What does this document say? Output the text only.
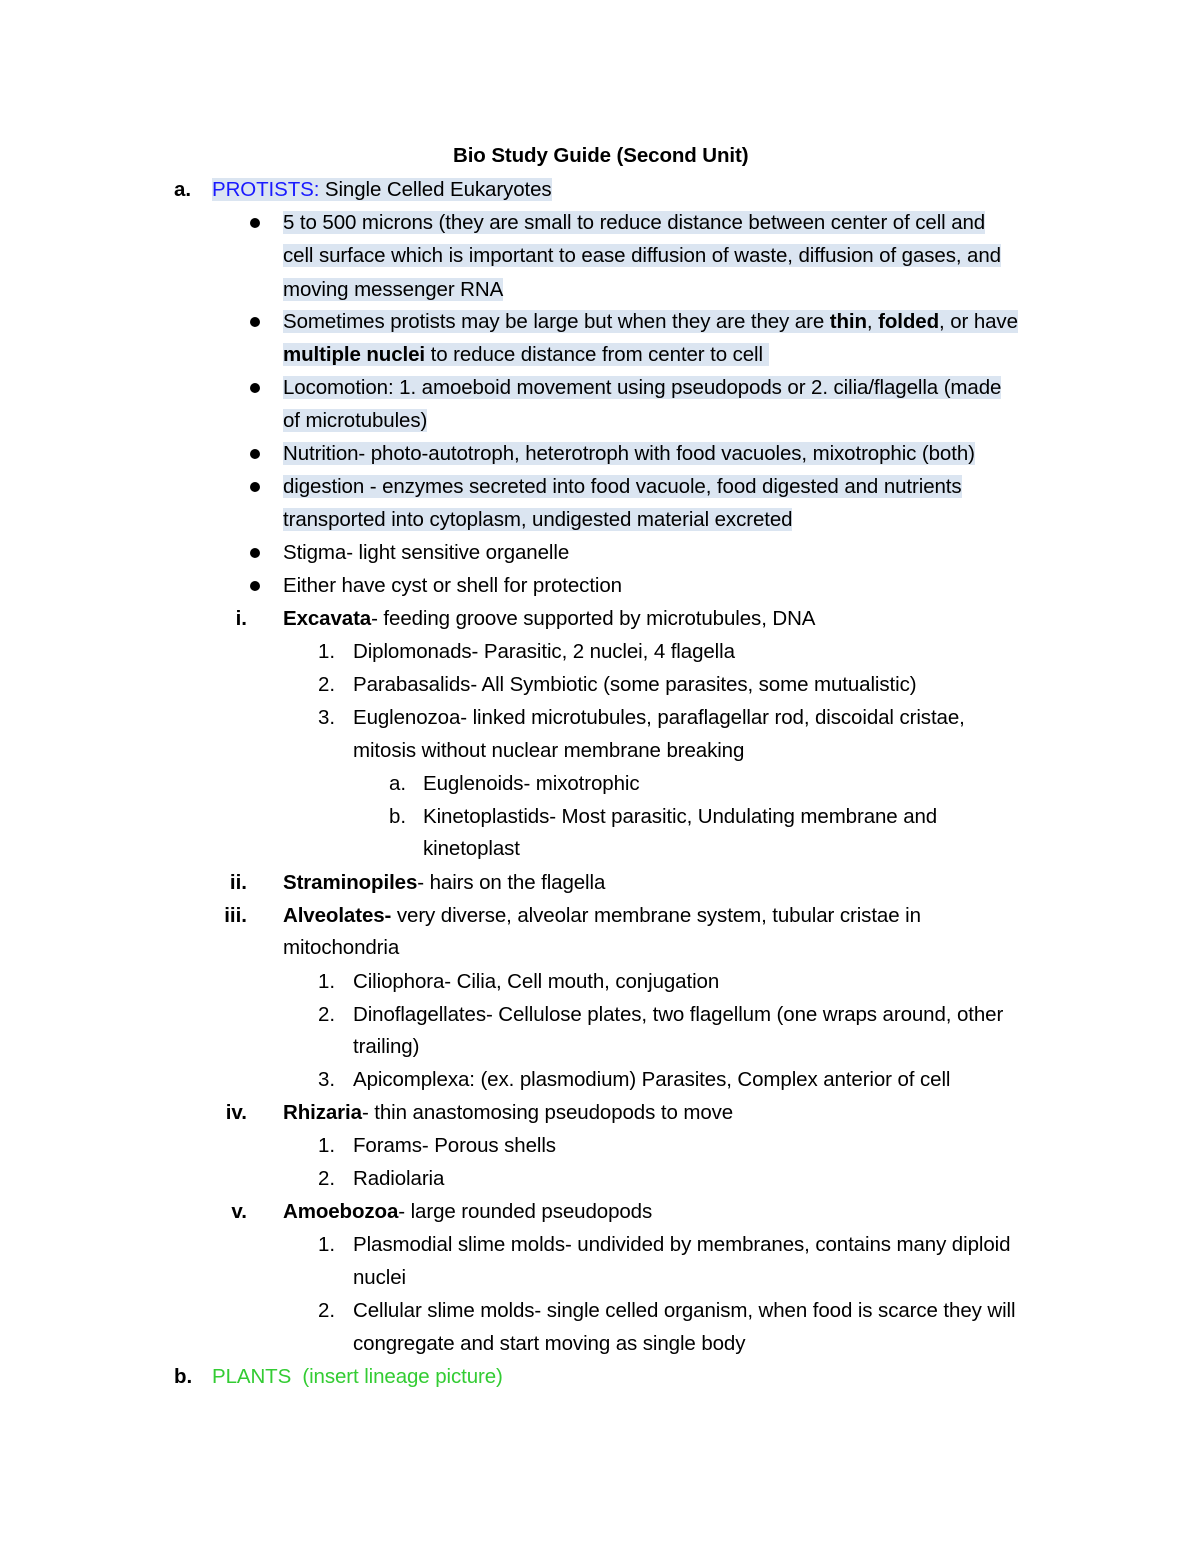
Bio Study Guide (Second Unit)
a. PROTISTS: Single Celled Eukaryotes
5 to 500 microns (they are small to reduce distance between center of cell and
cell surface which is important to ease diffusion of waste, diffusion of gases, and
moving messenger RNA
Sometimes protists may be large but when they are they are thin, folded, or have
multiple nuclei to reduce distance from center to cell
Locomotion: 1. amoeboid movement using pseudopods or 2. cilia/flagella (made
of microtubules)
Nutrition- photo-autotroph, heterotroph with food vacuoles, mixotrophic (both)
digestion - enzymes secreted into food vacuole, food digested and nutrients
transported into cytoplasm, undigested material excreted
Stigma- light sensitive organelle
Either have cyst or shell for protection
i. Excavata- feeding groove supported by microtubules, DNA
1. Diplomonads- Parasitic, 2 nuclei, 4 flagella
2. Parabasalids- All Symbiotic (some parasites, some mutualistic)
3. Euglenozoa- linked microtubules, paraflagellar rod, discoidal cristae,
mitosis without nuclear membrane breaking
a. Euglenoids- mixotrophic
b. Kinetoplastids- Most parasitic, Undulating membrane and
kinetoplast
ii. Straminopiles- hairs on the flagella
iii. Alveolates- very diverse, alveolar membrane system, tubular cristae in
mitochondria
1. Ciliophora- Cilia, Cell mouth, conjugation
2. Dinoflagellates- Cellulose plates, two flagellum (one wraps around, other
trailing)
3. Apicomplexa: (ex. plasmodium) Parasites, Complex anterior of cell
iv. Rhizaria- thin anastomosing pseudopods to move
1. Forams- Porous shells
2. Radiolaria
v. Amoebozoa- large rounded pseudopods
1. Plasmodial slime molds- undivided by membranes, contains many diploid
nuclei
2. Cellular slime molds- single celled organism, when food is scarce they will
congregate and start moving as single body
b. PLANTS  (insert lineage picture)
